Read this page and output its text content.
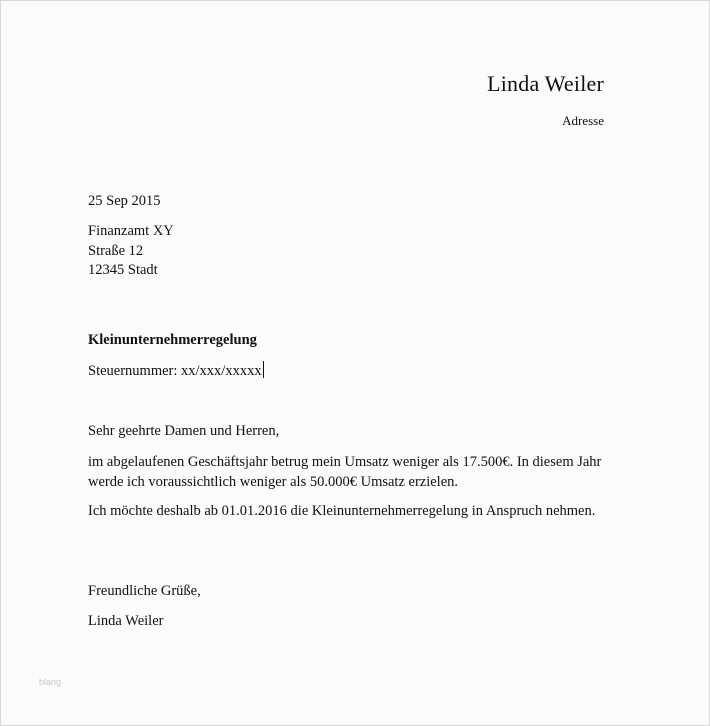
Linda Weiler
Adresse
25 Sep 2015
Finanzamt XY
Straße 12
12345 Stadt
Kleinunternehmerregelung
Steuernummer: xx/xxx/xxxxx
Sehr geehrte Damen und Herren,
im abgelaufenen Geschäftsjahr betrug mein Umsatz weniger als 17.500€. In diesem Jahr werde ich voraussichtlich weniger als 50.000€ Umsatz erzielen.
Ich möchte deshalb ab 01.01.2016 die Kleinunternehmerregelung in Anspruch nehmen.
Freundliche Grüße,
Linda Weiler
blang
